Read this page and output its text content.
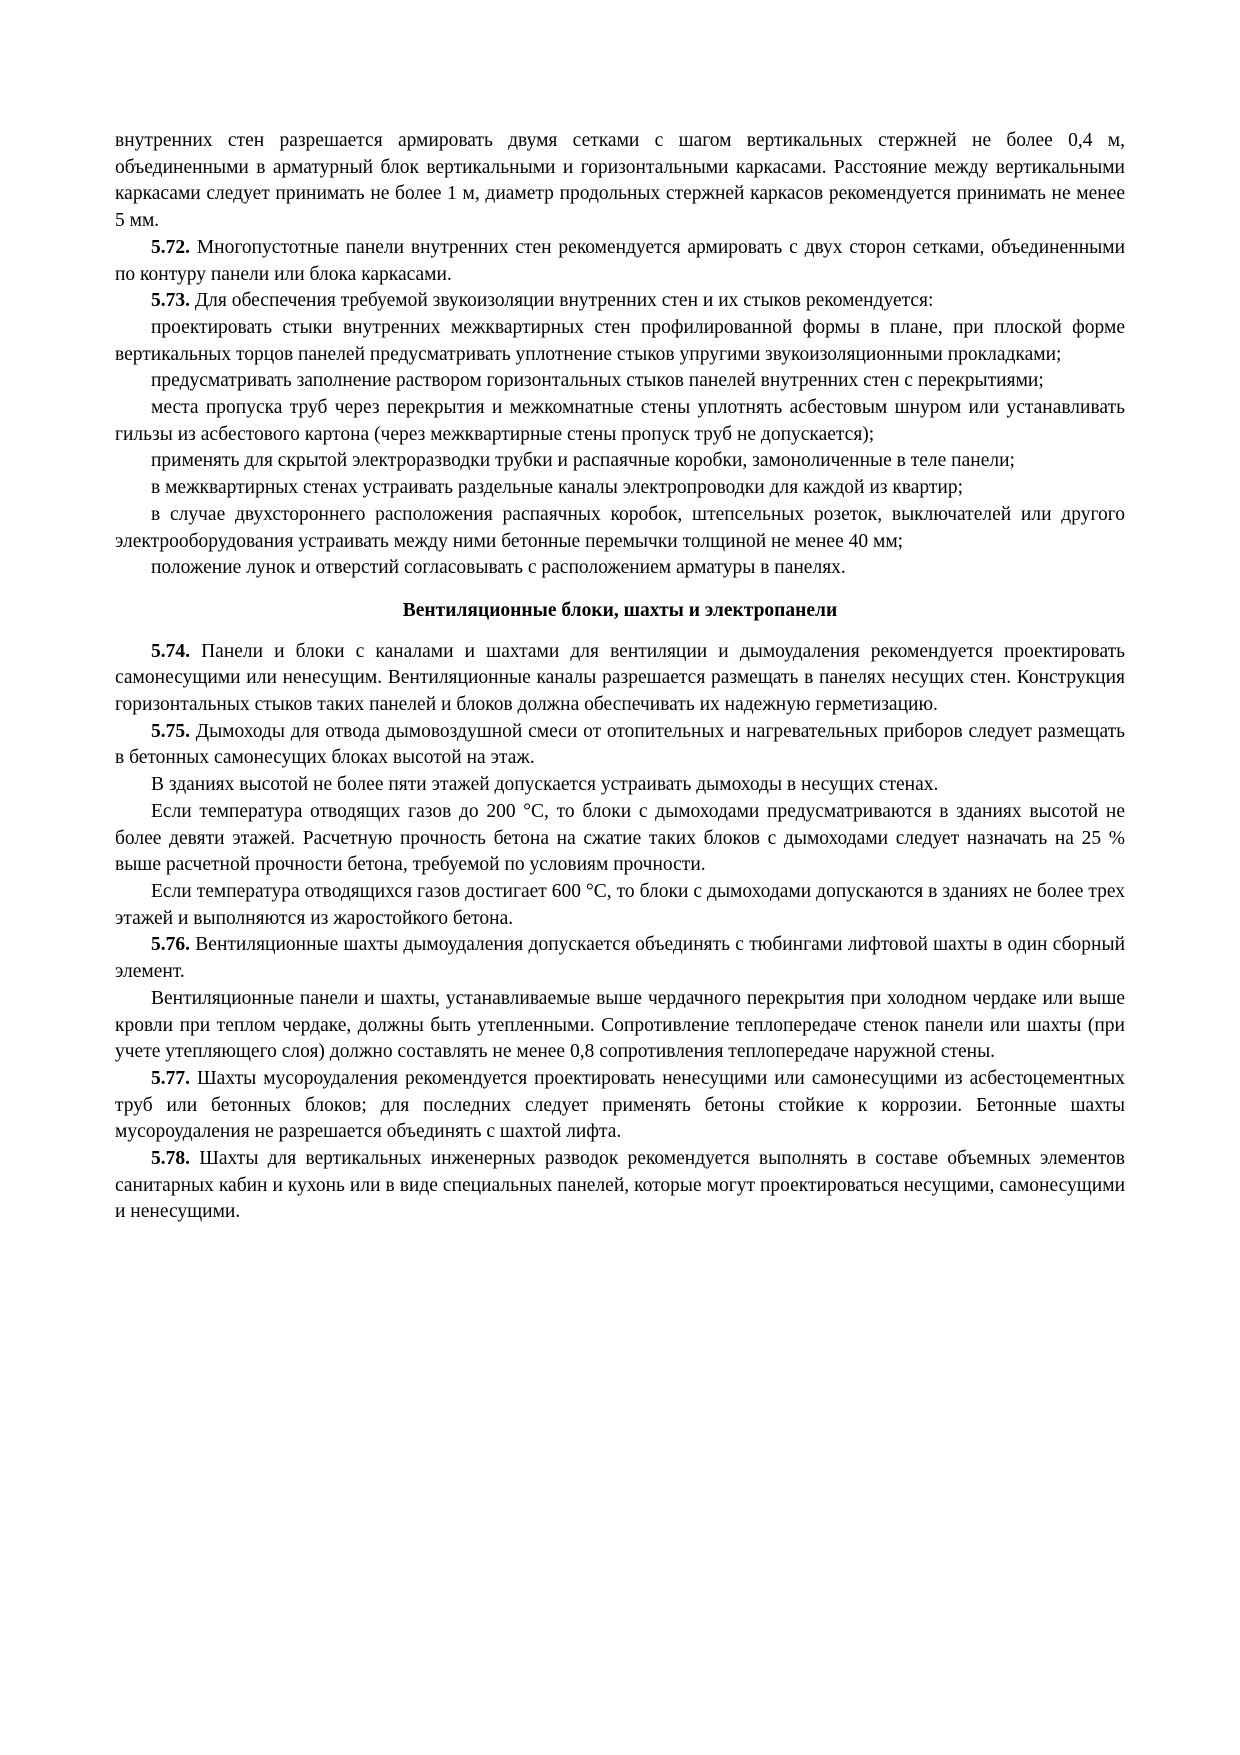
внутренних стен разрешается армировать двумя сетками с шагом вертикальных стержней не более 0,4 м, объединенными в арматурный блок вертикальными и горизонтальными каркасами. Расстояние между вертикальными каркасами следует принимать не более 1 м, диаметр продольных стержней каркасов рекомендуется принимать не менее 5 мм.

5.72. Многопустотные панели внутренних стен рекомендуется армировать с двух сторон сетками, объединенными по контуру панели или блока каркасами.

5.73. Для обеспечения требуемой звукоизоляции внутренних стен и их стыков рекомендуется:

проектировать стыки внутренних межквартирных стен профилированной формы в плане, при плоской форме вертикальных торцов панелей предусматривать уплотнение стыков упругими звукоизоляционными прокладками;

предусматривать заполнение раствором горизонтальных стыков панелей внутренних стен с перекрытиями;

места пропуска труб через перекрытия и межкомнатные стены уплотнять асбестовым шнуром или устанавливать гильзы из асбестового картона (через межквартирные стены пропуск труб не допускается);

применять для скрытой электроразводки трубки и распаячные коробки, замоноличенные в теле панели;

в межквартирных стенах устраивать раздельные каналы электропроводки для каждой из квартир;

в случае двухстороннего расположения распаячных коробок, штепсельных розеток, выключателей или другого электрооборудования устраивать между ними бетонные перемычки толщиной не менее 40 мм;

положение лунок и отверстий согласовывать с расположением арматуры в панелях.

Вентиляционные блоки, шахты и электропанели

5.74. Панели и блоки с каналами и шахтами для вентиляции и дымоудаления рекомендуется проектировать самонесущими или ненесущим. Вентиляционные каналы разрешается размещать в панелях несущих стен. Конструкция горизонтальных стыков таких панелей и блоков должна обеспечивать их надежную герметизацию.

5.75. Дымоходы для отвода дымовоздушной смеси от отопительных и нагревательных приборов следует размещать в бетонных самонесущих блоках высотой на этаж.

В зданиях высотой не более пяти этажей допускается устраивать дымоходы в несущих стенах.

Если температура отводящих газов до 200 °C, то блоки с дымоходами предусматриваются в зданиях высотой не более девяти этажей. Расчетную прочность бетона на сжатие таких блоков с дымоходами следует назначать на 25 % выше расчетной прочности бетона, требуемой по условиям прочности.

Если температура отводящихся газов достигает 600 °C, то блоки с дымоходами допускаются в зданиях не более трех этажей и выполняются из жаростойкого бетона.

5.76. Вентиляционные шахты дымоудаления допускается объединять с тюбингами лифтовой шахты в один сборный элемент.

Вентиляционные панели и шахты, устанавливаемые выше чердачного перекрытия при холодном чердаке или выше кровли при теплом чердаке, должны быть утепленными. Сопротивление теплопередаче стенок панели или шахты (при учете утепляющего слоя) должно составлять не менее 0,8 сопротивления теплопередаче наружной стены.

5.77. Шахты мусороудаления рекомендуется проектировать ненесущими или самонесущими из асбестоцементных труб или бетонных блоков; для последних следует применять бетоны стойкие к коррозии. Бетонные шахты мусороудаления не разрешается объединять с шахтой лифта.

5.78. Шахты для вертикальных инженерных разводок рекомендуется выполнять в составе объемных элементов санитарных кабин и кухонь или в виде специальных панелей, которые могут проектироваться несущими, самонесущими и ненесущими.
